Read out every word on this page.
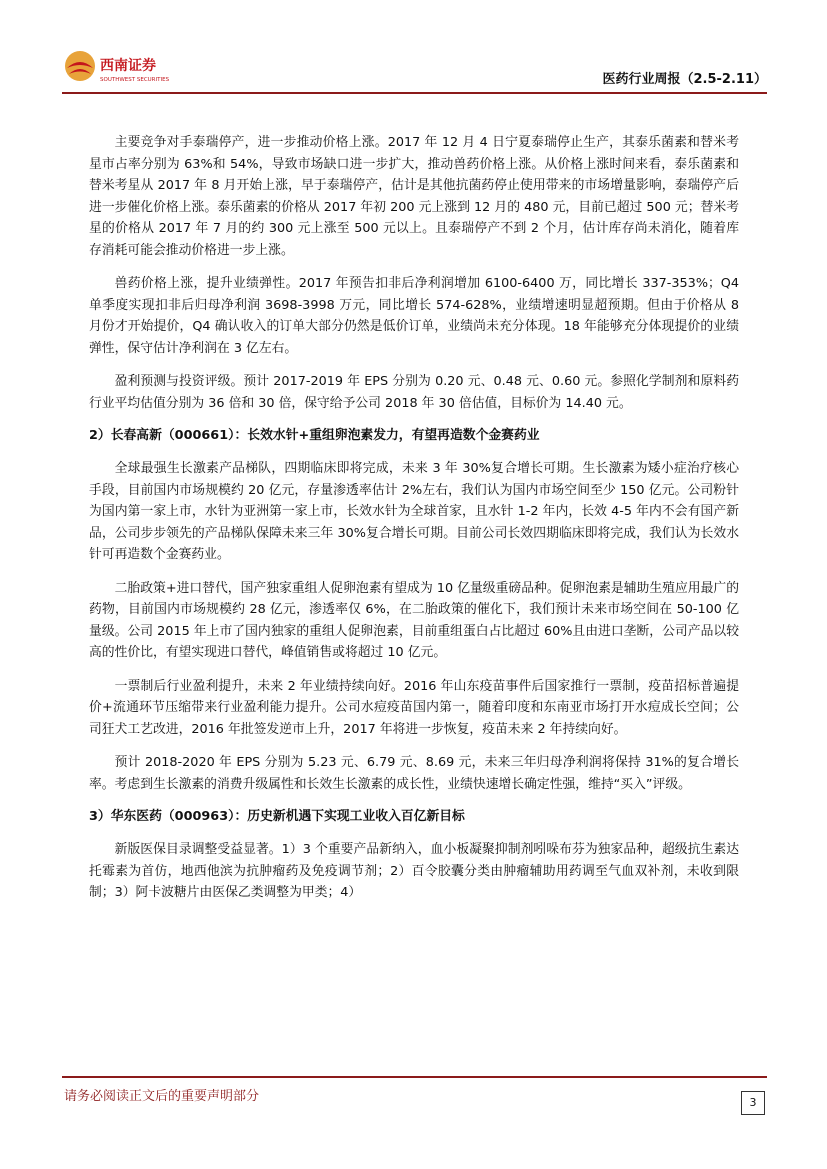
西南证券
SOUTHWEST SECURITIES	医药行业周报（2.5-2.11）

主要竞争对手泰瑞停产，进一步推动价格上涨。2017 年 12 月 4 日宁夏泰瑞停止生产，其泰乐菌素和替米考星市占率分别为 63%和 54%，导致市场缺口进一步扩大，推动兽药价格上涨。从价格上涨时间来看，泰乐菌素和替米考星从 2017 年 8 月开始上涨，早于泰瑞停产，估计是其他抗菌药停止使用带来的市场增量影响，泰瑞停产后进一步催化价格上涨。泰乐菌素的价格从 2017 年初 200 元上涨到 12 月的 480 元，目前已超过 500 元；替米考星的价格从 2017 年 7 月的约 300 元上涨至 500 元以上。且泰瑞停产不到 2 个月，估计库存尚未消化，随着库存消耗可能会推动价格进一步上涨。

兽药价格上涨，提升业绩弹性。2017 年预告扣非后净利润增加 6100-6400 万，同比增长 337-353%；Q4 单季度实现扣非后归母净利润 3698-3998 万元，同比增长 574-628%，业绩增速明显超预期。但由于价格从 8 月份才开始提价，Q4 确认收入的订单大部分仍然是低价订单，业绩尚未充分体现。18 年能够充分体现提价的业绩弹性，保守估计净利润在 3 亿左右。

盈利预测与投资评级。预计 2017-2019 年 EPS 分别为 0.20 元、0.48 元、0.60 元。参照化学制剂和原料药行业平均估值分别为 36 倍和 30 倍，保守给予公司 2018 年 30 倍估值，目标价为 14.40 元。

2）长春高新（000661）：长效水针+重组卵泡素发力，有望再造数个金赛药业

全球最强生长激素产品梯队，四期临床即将完成，未来 3 年 30%复合增长可期。生长激素为矮小症治疗核心手段，目前国内市场规模约 20 亿元，存量渗透率估计 2%左右，我们认为国内市场空间至少 150 亿元。公司粉针为国内第一家上市，水针为亚洲第一家上市，长效水针为全球首家，且水针 1-2 年内，长效 4-5 年内不会有国产新品，公司步步领先的产品梯队保障未来三年 30%复合增长可期。目前公司长效四期临床即将完成，我们认为长效水针可再造数个金赛药业。

二胎政策+进口替代，国产独家重组人促卵泡素有望成为 10 亿量级重磅品种。促卵泡素是辅助生殖应用最广的药物，目前国内市场规模约 28 亿元，渗透率仅 6%，在二胎政策的催化下，我们预计未来市场空间在 50-100 亿量级。公司 2015 年上市了国内独家的重组人促卵泡素，目前重组蛋白占比超过 60%且由进口垄断，公司产品以较高的性价比，有望实现进口替代，峰值销售或将超过 10 亿元。

一票制后行业盈利提升，未来 2 年业绩持续向好。2016 年山东疫苗事件后国家推行一票制，疫苗招标普遍提价+流通环节压缩带来行业盈利能力提升。公司水痘疫苗国内第一，随着印度和东南亚市场打开水痘成长空间；公司狂犬工艺改进，2016 年批签发逆市上升，2017 年将进一步恢复，疫苗未来 2 年持续向好。

预计 2018-2020 年 EPS 分别为 5.23 元、6.79 元、8.69 元，未来三年归母净利润将保持 31%的复合增长率。考虑到生长激素的消费升级属性和长效生长激素的成长性，业绩快速增长确定性强，维持“买入”评级。

3）华东医药（000963）：历史新机遇下实现工业收入百亿新目标

新版医保目录调整受益显著。1）3 个重要产品新纳入，血小板凝聚抑制剂吲哚布芬为独家品种，超级抗生素达托霉素为首仿，地西他滨为抗肿瘤药及免疫调节剂；2）百令胶囊分类由肿瘤辅助用药调至气血双补剂，未收到限制；3）阿卡波糖片由医保乙类调整为甲类；4）

请务必阅读正文后的重要声明部分	3
